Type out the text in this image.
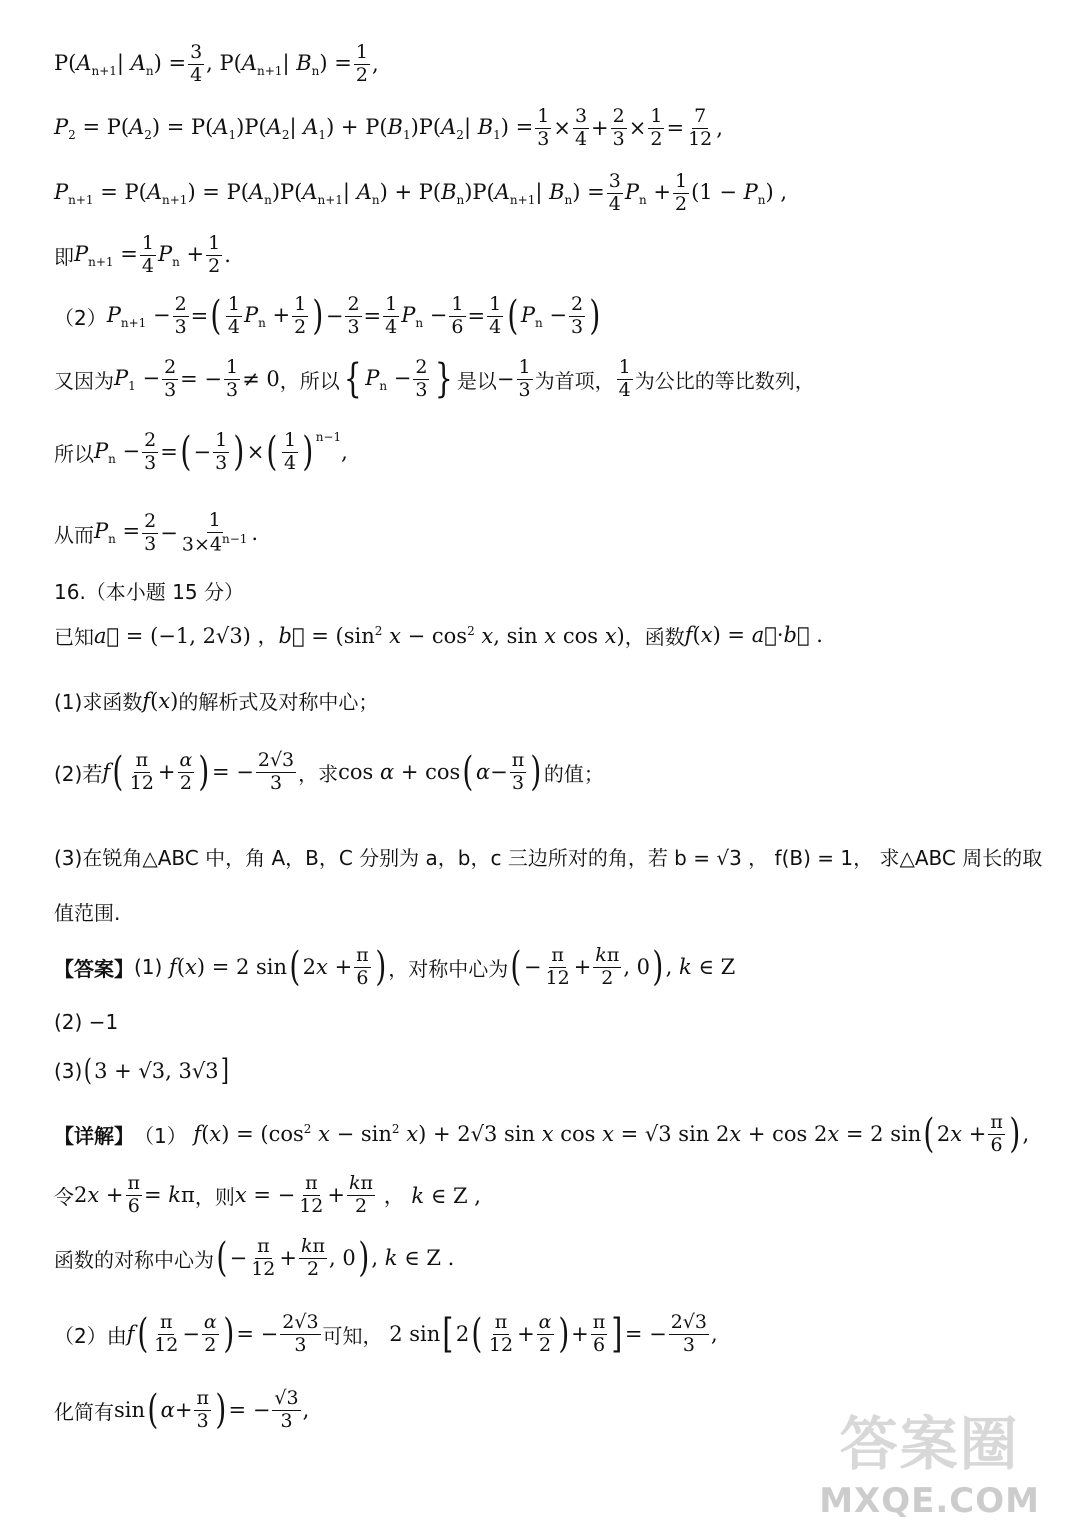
$P(A_{n+1}|$ $A_n) = \frac{3}{4}$ , $P(A_{n+1}|$ $B_n) = \frac{1}{2}$ ,
$P_2 = P(A_2) = P(A_1)P(A_2|$ $A_1) + P(B_1)P(A_2|$ $B_1) = \frac{1}{3} \times \frac{3}{4} + \frac{2}{3} \times \frac{1}{2} = \frac{7}{12}$ ,
$P_{n+1} = P(A_{n+1}) = P(A_n)P(A_{n+1}|$ $A_n) + P(B_n)P(A_{n+1}|$ $B_n) = \frac{3}{4} P_n + \frac{1}{2} (1 - P_n)$ ,
即 $P_{n+1} = \frac{1}{4} P_n + \frac{1}{2}$ .
（2） $P_{n+1} - \frac{2}{3}$ = ( $\frac{1}{4} P_n + \frac{1}{2}$ ) − $\frac{2}{3} = \frac{1}{4} P_n - \frac{1}{6} = \frac{1}{4}$ ( $P_n - \frac{2}{3}$ )
又因为 $P_1 - \frac{2}{3}$ = − $\frac{1}{3} \ne 0$ ，所以 { $P_n - \frac{2}{3}$ } 是以 − $\frac{1}{3}$ 为首项， $\frac{1}{4}$ 为公比的等比数列，
所以 $P_n - \frac{2}{3}$ = ( − $\frac{1}{3}$ ) × ( $\frac{1}{4} )^{n-1}$
,
从而 $P_n = \frac{2}{3} - \frac{1}{3\times 4^{n-1}}$ .
16.（本小题 15 分）
已知 a⃗ = (−1, 2√3) ，b⃗ = ($\sin^2$ $x - \cos^2 x$, sin x cos x) ，函数 f(x) = a⃗·b⃗ .
(1)求函数 f(x) 的解析式及对称中心；
(2)若 f ( $\frac{\pi}{12} + \frac{\alpha}{2}$ ) = − $\frac{2√3}{3}$ ，求 cos α + cos ( $\alpha - \frac{\pi}{3}$ ) 的值；
(3)在锐角△ABC 中，角 A，B，C 分别为 a，b，c 三边所对的角，若 b = √3 ， f(B) = 1， 求△ABC 周长的取
值范围.
【答案】 (1) f(x) = 2 sin ( $2x + \frac{\pi}{6}$ ) ，对称中心为 ( − $\frac{\pi}{12} + \frac{k\pi}{2}$ , 0 ) , k ∈ Z
(2) −1
(3) ( 3 + √3, 3√3 ]
【详解】 （1） $f(x) = (\cos^2$ $x - \sin^2 x) + 2√3$ sin x cos x = √3 sin 2x + cos 2x = 2 sin ( $2x + \frac{\pi}{6}$ ) ,
令 $2x + \frac{\pi}{6} = k\pi$ ，则 x = − $\frac{\pi}{12} + \frac{k\pi}{2}$ ， k ∈ Z ,
函数的对称中心为 ( − $\frac{\pi}{12} + \frac{k\pi}{2}$ , 0 ) , k ∈ Z .
（2）由 f ( $\frac{\pi}{12} - \frac{\alpha}{2}$ ) = − $\frac{2√3}{3}$ 可知， 2 sin [ 2 ( $\frac{\pi}{12} + \frac{\alpha}{2}$ ) + $\frac{\pi}{6}$ ] = − $\frac{2√3}{3}$ ,
化简有 sin ( $\alpha + \frac{\pi}{3}$ ) = − $\frac{√3}{3}$ ,	答案圈
MXQE.COM
